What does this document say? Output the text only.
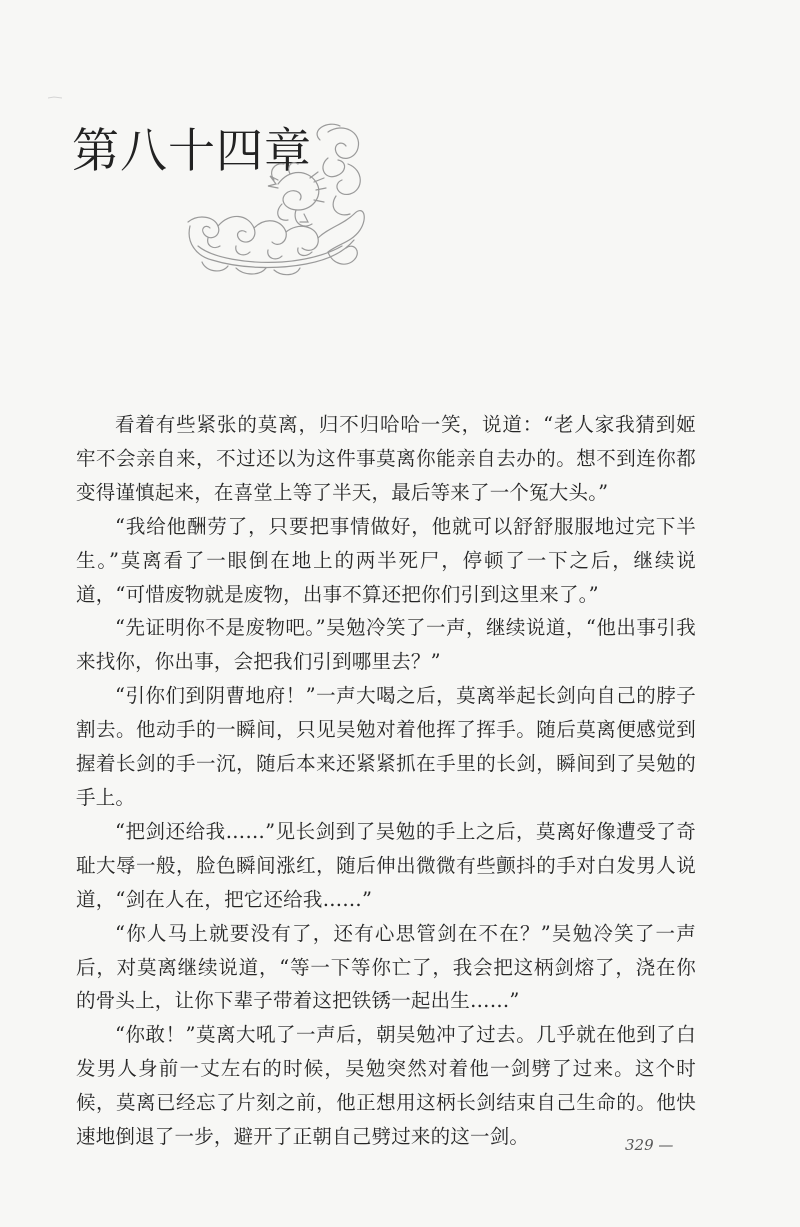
第八十四章

看着有些紧张的莫离，归不归哈哈一笑，说道：“老人家我猜到姬牢不会亲自来，不过还以为这件事莫离你能亲自去办的。想不到连你都变得谨慎起来，在喜堂上等了半天，最后等来了一个冤大头。”

“我给他酬劳了，只要把事情做好，他就可以舒舒服服地过完下半生。”莫离看了一眼倒在地上的两半死尸，停顿了一下之后，继续说道，“可惜废物就是废物，出事不算还把你们引到这里来了。”

“先证明你不是废物吧。”吴勉冷笑了一声，继续说道，“他出事引我来找你，你出事，会把我们引到哪里去？”

“引你们到阴曹地府！”一声大喝之后，莫离举起长剑向自己的脖子割去。他动手的一瞬间，只见吴勉对着他挥了挥手。随后莫离便感觉到握着长剑的手一沉，随后本来还紧紧抓在手里的长剑，瞬间到了吴勉的手上。

“把剑还给我……”见长剑到了吴勉的手上之后，莫离好像遭受了奇耻大辱一般，脸色瞬间涨红，随后伸出微微有些颤抖的手对白发男人说道，“剑在人在，把它还给我……”

“你人马上就要没有了，还有心思管剑在不在？”吴勉冷笑了一声后，对莫离继续说道，“等一下等你亡了，我会把这柄剑熔了，浇在你的骨头上，让你下辈子带着这把铁锈一起出生……”

“你敢！”莫离大吼了一声后，朝吴勉冲了过去。几乎就在他到了白发男人身前一丈左右的时候，吴勉突然对着他一剑劈了过来。这个时候，莫离已经忘了片刻之前，他正想用这柄长剑结束自己生命的。他快速地倒退了一步，避开了正朝自己劈过来的这一剑。	329 —
